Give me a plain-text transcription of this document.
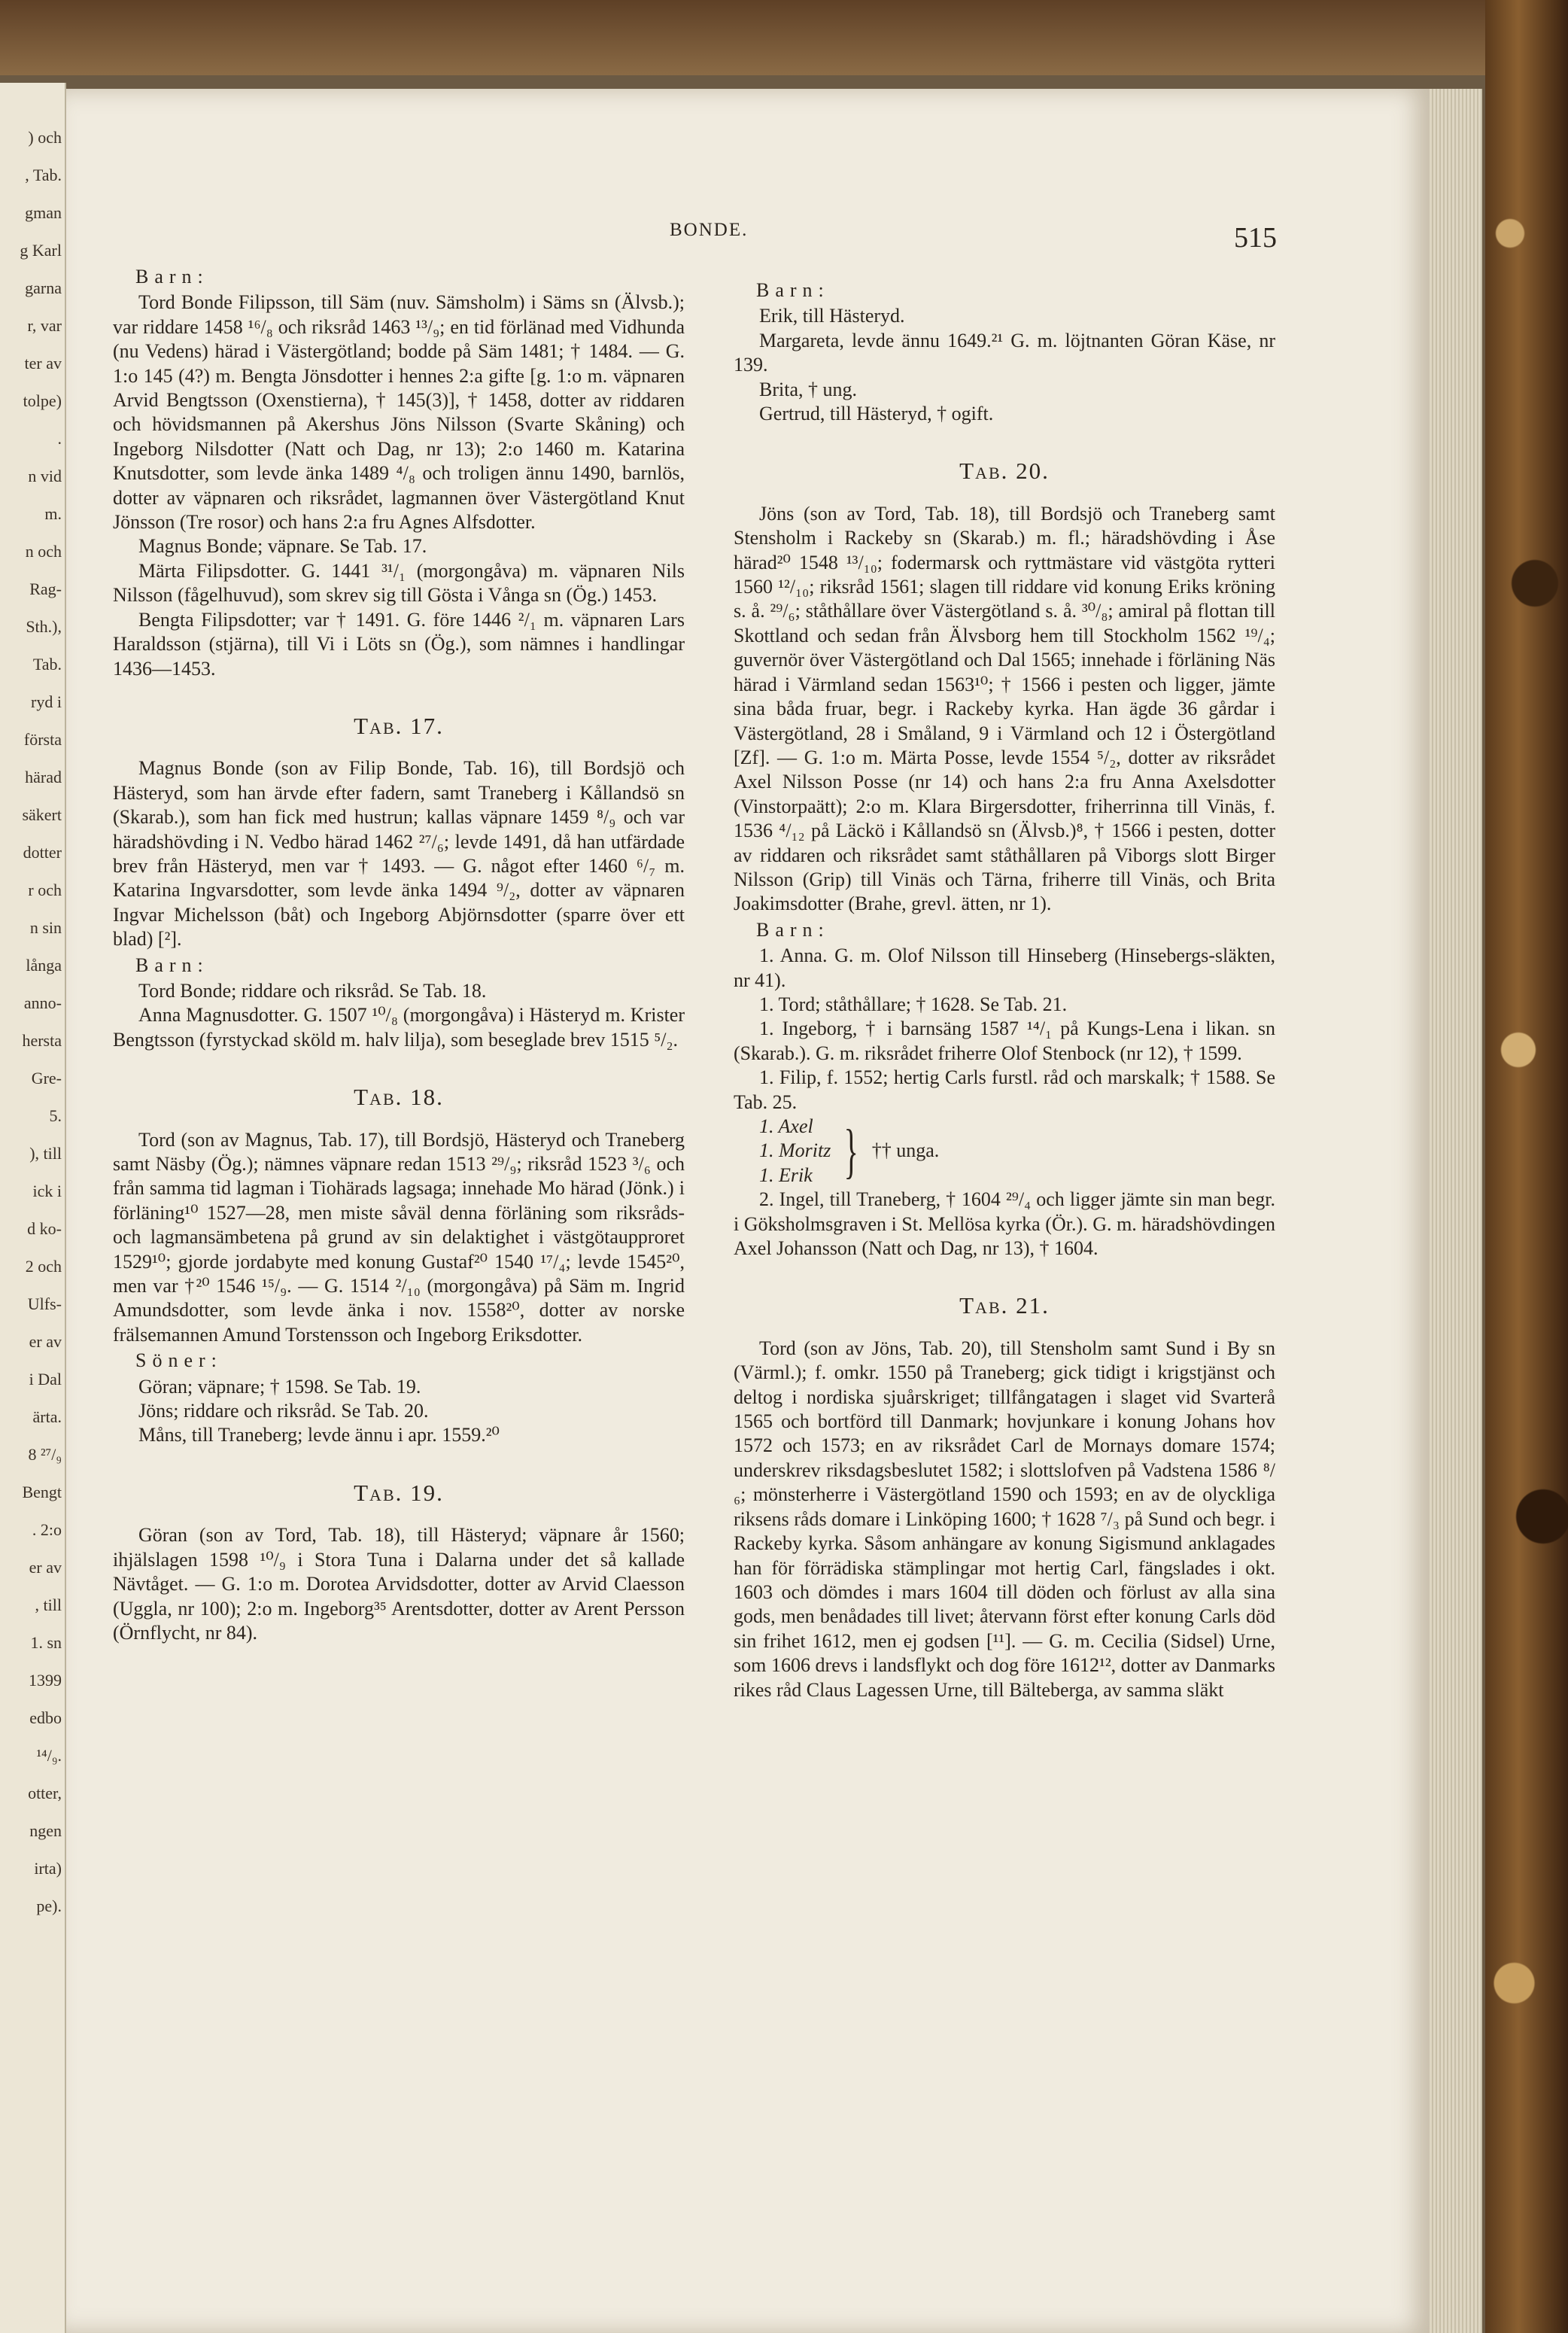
) och
, Tab.
gman
g Karl
garna
r, var
ter av
tolpe)
.
n vid
m.
n och
Rag-
Sth.),
Tab.
ryd i
första
härad
säkert
dotter
r och
n sin
långa
anno-
hersta
Gre-
5.
), till
ick i
d ko-
2 och
Ulfs-
er av
i Dal
ärta.
8 ²⁷/₉
Bengt
. 2:o
er av
, till
1. sn
1399
edbo
¹⁴/₉.
otter,
ngen
irta)
pe).
BONDE.	515

Barn:

Tord Bonde Filipsson, till Säm (nuv. Sämsholm) i Säms sn (Älvsb.); var riddare 1458 ¹⁶/₈ och riksråd 1463 ¹³/₉; en tid förlänad med Vidhunda (nu Vedens) härad i Västergötland; bodde på Säm 1481; † 1484. — G. 1:o 145 (4?) m. Bengta Jönsdotter i hennes 2:a gifte [g. 1:o m. väpnaren Arvid Bengtsson (Oxenstierna), † 145(3)], † 1458, dotter av riddaren och hövidsmannen på Akershus Jöns Nilsson (Svarte Skåning) och Ingeborg Nilsdotter (Natt och Dag, nr 13); 2:o 1460 m. Katarina Knutsdotter, som levde änka 1489 ⁴/₈ och troligen ännu 1490, barnlös, dotter av väpnaren och riksrådet, lagmannen över Västergötland Knut Jönsson (Tre rosor) och hans 2:a fru Agnes Alfsdotter.

Magnus Bonde; väpnare. Se Tab. 17.

Märta Filipsdotter. G. 1441 ³¹/₁ (morgongåva) m. väpnaren Nils Nilsson (fågelhuvud), som skrev sig till Gösta i Vånga sn (Ög.) 1453.

Bengta Filipsdotter; var † 1491. G. före 1446 ²/₁ m. väpnaren Lars Haraldsson (stjärna), till Vi i Löts sn (Ög.), som nämnes i handlingar 1436—1453.

Tab. 17.

Magnus Bonde (son av Filip Bonde, Tab. 16), till Bordsjö och Hästeryd, som han ärvde efter fadern, samt Traneberg i Kållandsö sn (Skarab.), som han fick med hustrun; kallas väpnare 1459 ⁸/₉ och var häradshövding i N. Vedbo härad 1462 ²⁷/₆; levde 1491, då han utfärdade brev från Hästeryd, men var † 1493. — G. något efter 1460 ⁶/₇ m. Katarina Ingvarsdotter, som levde änka 1494 ⁹/₂, dotter av väpnaren Ingvar Michelsson (båt) och Ingeborg Abjörnsdotter (sparre över ett blad) [²].

Barn:

Tord Bonde; riddare och riksråd. Se Tab. 18.

Anna Magnusdotter. G. 1507 ¹⁰/₈ (morgongåva) i Hästeryd m. Krister Bengtsson (fyrstyckad sköld m. halv lilja), som beseglade brev 1515 ⁵/₂.

Tab. 18.

Tord (son av Magnus, Tab. 17), till Bordsjö, Hästeryd och Traneberg samt Näsby (Ög.); nämnes väpnare redan 1513 ²⁹/₉; riksråd 1523 ³/₆ och från samma tid lagman i Tiohärads lagsaga; innehade Mo härad (Jönk.) i förläning¹⁰ 1527—28, men miste såväl denna förläning som riksråds- och lagmansämbetena på grund av sin delaktighet i västgötaupproret 1529¹⁰; gjorde jordabyte med konung Gustaf²⁰ 1540 ¹⁷/₄; levde 1545²⁰, men var †²⁰ 1546 ¹⁵/₉. — G. 1514 ²/₁₀ (morgongåva) på Säm m. Ingrid Amundsdotter, som levde änka i nov. 1558²⁰, dotter av norske frälsemannen Amund Torstensson och Ingeborg Eriksdotter.

Söner:

Göran; väpnare; † 1598. Se Tab. 19.

Jöns; riddare och riksråd. Se Tab. 20.

Måns, till Traneberg; levde ännu i apr. 1559.²⁰

Tab. 19.

Göran (son av Tord, Tab. 18), till Hästeryd; väpnare år 1560; ihjälslagen 1598 ¹⁰/₉ i Stora Tuna i Dalarna under det så kallade Nävtåget. — G. 1:o m. Dorotea Arvidsdotter, dotter av Arvid Claesson (Uggla, nr 100); 2:o m. Ingeborg³⁵ Arentsdotter, dotter av Arent Persson (Örnflycht, nr 84).

Barn:

Erik, till Hästeryd.

Margareta, levde ännu 1649.²¹ G. m. löjtnanten Göran Käse, nr 139.

Brita, † ung.

Gertrud, till Hästeryd, † ogift.

Tab. 20.

Jöns (son av Tord, Tab. 18), till Bordsjö och Traneberg samt Stensholm i Rackeby sn (Skarab.) m. fl.; häradshövding i Åse härad²⁰ 1548 ¹³/₁₀; fodermarsk och ryttmästare vid västgöta rytteri 1560 ¹²/₁₀; riksråd 1561; slagen till riddare vid konung Eriks kröning s. å. ²⁹/₆; ståthållare över Västergötland s. å. ³⁰/₈; amiral på flottan till Skottland och sedan från Älvsborg hem till Stockholm 1562 ¹⁹/₄; guvernör över Västergötland och Dal 1565; innehade i förläning Näs härad i Värmland sedan 1563¹⁰; † 1566 i pesten och ligger, jämte sina båda fruar, begr. i Rackeby kyrka. Han ägde 36 gårdar i Västergötland, 28 i Småland, 9 i Värmland och 12 i Östergötland [Zf]. — G. 1:o m. Märta Posse, levde 1554 ⁵/₂, dotter av riksrådet Axel Nilsson Posse (nr 14) och hans 2:a fru Anna Axelsdotter (Vinstorpaätt); 2:o m. Klara Birgersdotter, friherrinna till Vinäs, f. 1536 ⁴/₁₂ på Läckö i Kållandsö sn (Älvsb.)⁸, † 1566 i pesten, dotter av riddaren och riksrådet samt ståthållaren på Viborgs slott Birger Nilsson (Grip) till Vinäs och Tärna, friherre till Vinäs, och Brita Joakimsdotter (Brahe, grevl. ätten, nr 1).

Barn:

1. Anna. G. m. Olof Nilsson till Hinseberg (Hinsebergs-släkten, nr 41).

1. Tord; ståthållare; † 1628. Se Tab. 21.

1. Ingeborg, † i barnsäng 1587 ¹⁴/₁ på Kungs-Lena i likan. sn (Skarab.). G. m. riksrådet friherre Olof Stenbock (nr 12), † 1599.

1. Filip, f. 1552; hertig Carls furstl. råd och marskalk; † 1588. Se Tab. 25.

1. Axel
1. Moritz
1. Erik } †† unga.

2. Ingel, till Traneberg, † 1604 ²⁹/₄ och ligger jämte sin man begr. i Göksholmsgraven i St. Mellösa kyrka (Ör.). G. m. häradshövdingen Axel Johansson (Natt och Dag, nr 13), † 1604.

Tab. 21.

Tord (son av Jöns, Tab. 20), till Stensholm samt Sund i By sn (Värml.); f. omkr. 1550 på Traneberg; gick tidigt i krigstjänst och deltog i nordiska sjuårskriget; tillfångatagen i slaget vid Svarterå 1565 och bortförd till Danmark; hovjunkare i konung Johans hov 1572 och 1573; en av riksrådet Carl de Mornays domare 1574; underskrev riksdagsbeslutet 1582; i slottslofven på Vadstena 1586 ⁸/₆; mönsterherre i Västergötland 1590 och 1593; en av de olyckliga riksens råds domare i Linköping 1600; † 1628 ⁷/₃ på Sund och begr. i Rackeby kyrka. Såsom anhängare av konung Sigismund anklagades han för förrädiska stämplingar mot hertig Carl, fängslades i okt. 1603 och dömdes i mars 1604 till döden och förlust av alla sina gods, men benådades till livet; återvann först efter konung Carls död sin frihet 1612, men ej godsen [¹¹]. — G. m. Cecilia (Sidsel) Urne, som 1606 drevs i landsflykt och dog före 1612¹², dotter av Danmarks rikes råd Claus Lagessen Urne, till Bälteberga, av samma släkt
